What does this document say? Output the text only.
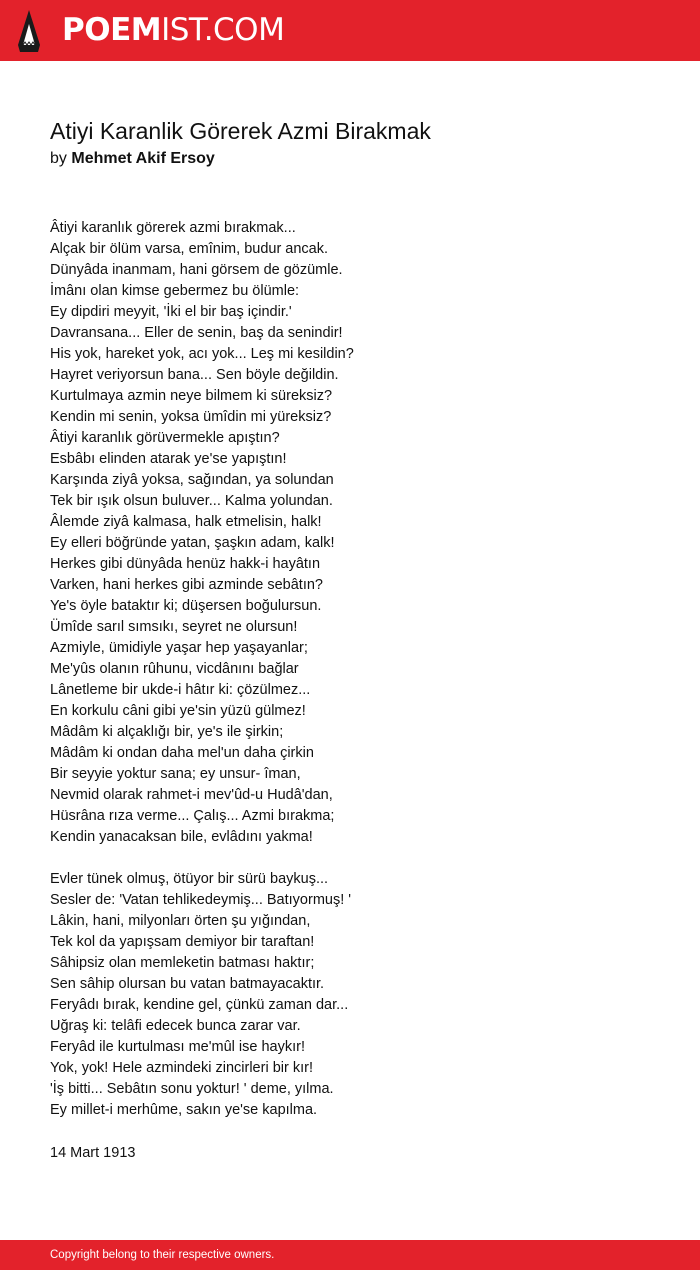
POEMIST.COM
Atiyi Karanlik Görerek Azmi Birakmak
by Mehmet Akif Ersoy
Âtiyi karanlık görerek azmi bırakmak...
Alçak bir ölüm varsa, emînim, budur ancak.
Dünyâda inanmam, hani görsem de gözümle.
İmânı olan kimse gebermez bu ölümle:
Ey dipdiri meyyit, 'İki el bir baş içindir.'
Davransana... Eller de senin, baş da senindir!
His yok, hareket yok, acı yok... Leş mi kesildin?
Hayret veriyorsun bana... Sen böyle değildin.
Kurtulmaya azmin neye bilmem ki süreksiz?
Kendin mi senin, yoksa ümîdin mi yüreksiz?
Âtiyi karanlık görüvermekle apıştın?
Esbâbı elinden atarak ye'se yapıştın!
Karşında ziyâ yoksa, sağından, ya solundan
Tek bir ışık olsun buluver... Kalma yolundan.
Âlemde ziyâ kalmasa, halk etmelisin, halk!
Ey elleri böğründe yatan, şaşkın adam, kalk!
Herkes gibi dünyâda henüz hakk-i hayâtın
Varken, hani herkes gibi azminde sebâtın?
Ye's öyle bataktır ki; düşersen boğulursun.
Ümîde sarıl sımsıkı, seyret ne olursun!
Azmiyle, ümidiyle yaşar hep yaşayanlar;
Me'yûs olanın rûhunu, vicdânını bağlar
Lânetleme bir ukde-i hâtır ki: çözülmez...
En korkulu câni gibi ye'sin yüzü gülmez!
Mâdâm ki alçaklığı bir, ye's ile şirkin;
Mâdâm ki ondan daha mel'un daha çirkin
Bir seyyie yoktur sana; ey unsur- îman,
Nevmid olarak rahmet-i mev'ûd-u Hudâ'dan,
Hüsrâna rıza verme... Çalış... Azmi bırakma;
Kendin yanacaksan bile, evlâdını yakma!
Evler tünek olmuş, ötüyor bir sürü baykuş...
Sesler de: 'Vatan tehlikedeymiş... Batıyormuş! '
Lâkin, hani, milyonları örten şu yığından,
Tek kol da yapışsam demiyor bir taraftan!
Sâhipsiz olan memleketin batması haktır;
Sen sâhip olursan bu vatan batmayacaktır.
Feryâdı bırak, kendine gel, çünkü zaman dar...
Uğraş ki: telâfi edecek bunca zarar var.
Feryâd ile kurtulması me'mûl ise haykır!
Yok, yok! Hele azmindeki zincirleri bir kır!
'İş bitti... Sebâtın sonu yoktur! ' deme, yılma.
Ey millet-i merhûme, sakın ye'se kapılma.
14 Mart 1913
Copyright belong to their respective owners.
